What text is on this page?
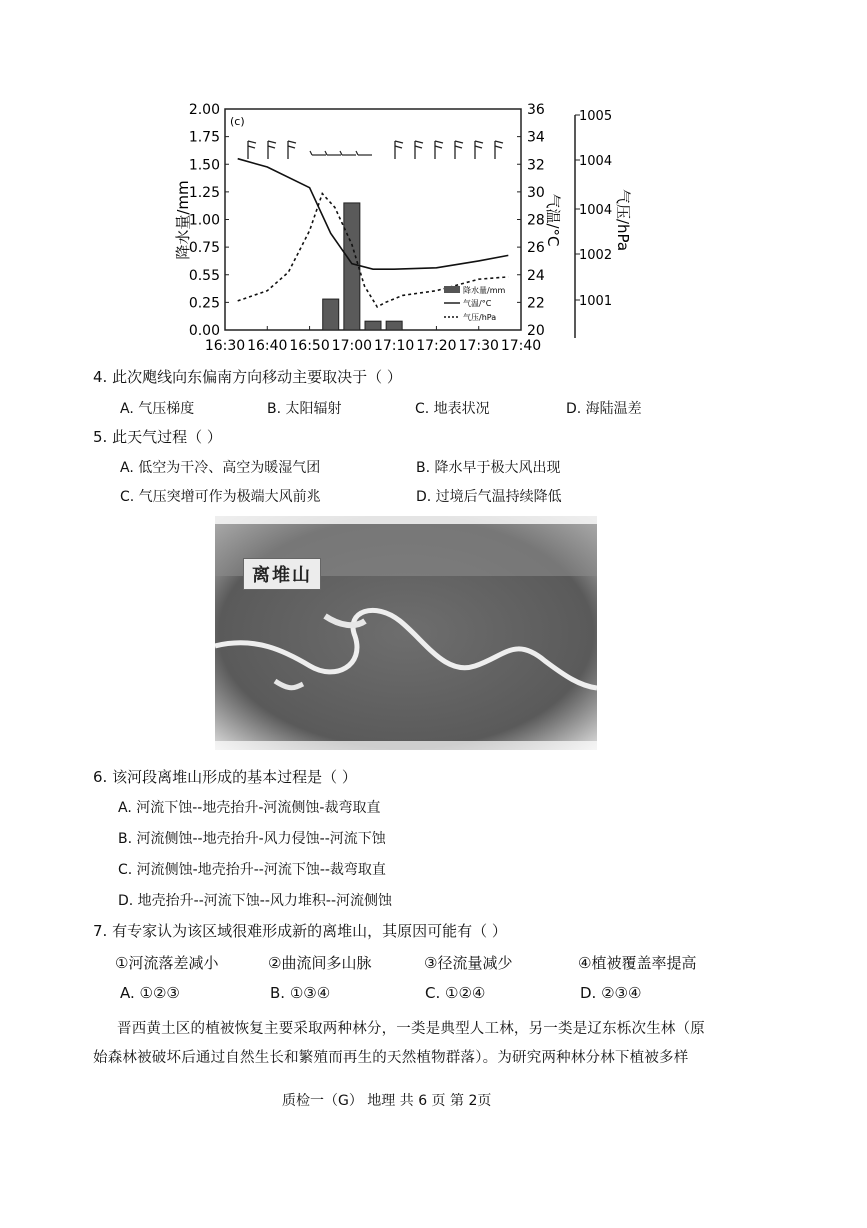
2.00
1.75
1.50
1.25
1.00
0.75
0.55
0.25
0.00
36
34
32
30
28
26
24
22
20
1005
1004
1004
1002
1001
16:30 16:40 16:50 17:00 17:10 17:20 17:30 17:40
(c)
降水量/mm	气温/°C	气压/hPa
降水量/mm
气温/°C
气压/hPa
4. 此次飑线向东偏南方向移动主要取决于（ ）
A. 气压梯度	B. 太阳辐射	C. 地表状况	D. 海陆温差
5. 此天气过程（ ）
A. 低空为干冷、高空为暖湿气团	B. 降水早于极大风出现
C. 气压突增可作为极端大风前兆	D. 过境后气温持续降低
离堆山
6. 该河段离堆山形成的基本过程是（ ）
A. 河流下蚀--地壳抬升-河流侧蚀-裁弯取直
B. 河流侧蚀--地壳抬升-风力侵蚀--河流下蚀
C. 河流侧蚀-地壳抬升--河流下蚀--裁弯取直
D. 地壳抬升--河流下蚀--风力堆积--河流侧蚀
7. 有专家认为该区域很难形成新的离堆山，其原因可能有（ ）
①河流落差减小	②曲流间多山脉	③径流量减少	④植被覆盖率提高
A. ①②③	B. ①③④	C. ①②④	D. ②③④
晋西黄土区的植被恢复主要采取两种林分，一类是典型人工林，另一类是辽东栎次生林（原
始森林被破坏后通过自然生长和繁殖而再生的天然植物群落）。为研究两种林分林下植被多样
质检一（G） 地理 共 6 页 第 2页
